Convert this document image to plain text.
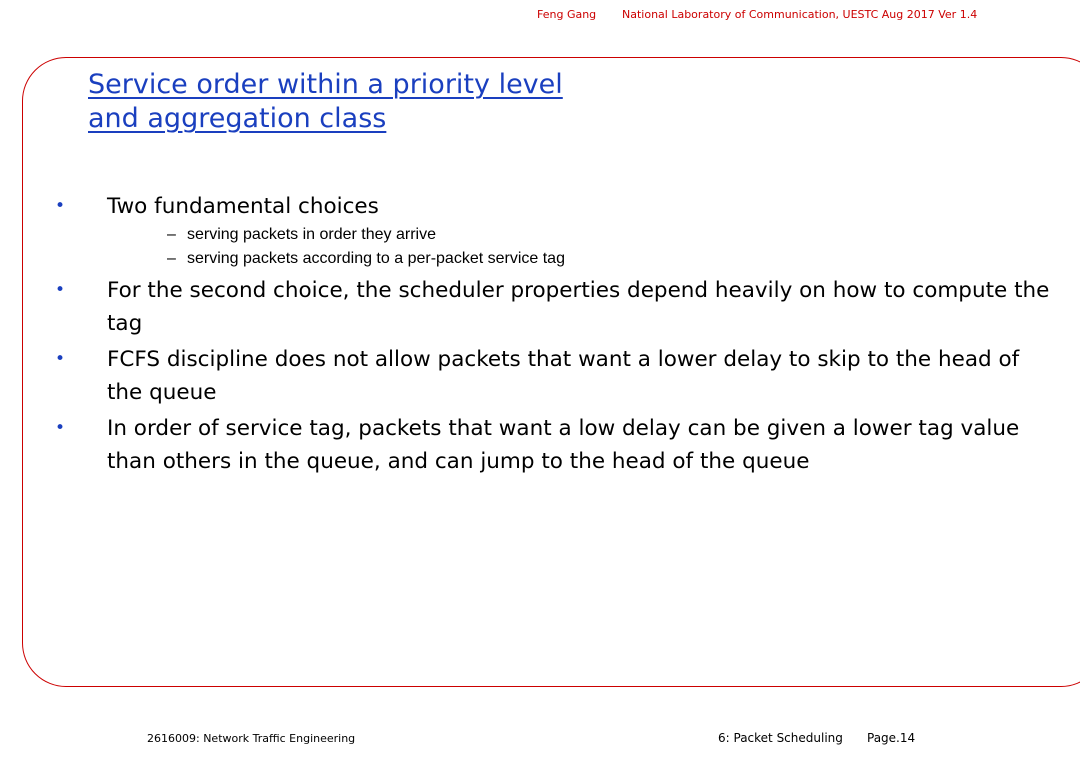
Feng Gang National Laboratory of Communication, UESTC Aug 2017 Ver 1.4
Service order within a priority level
and aggregation class
• Two fundamental choices
– serving packets in order they arrive
– serving packets according to a per-packet service tag
• For the second choice, the scheduler properties depend heavily on how to compute the tag
• FCFS discipline does not allow packets that want a lower delay to skip to the head of the queue
• In order of service tag, packets that want a low delay can be given a lower tag value than others in the queue, and can jump to the head of the queue
2616009: Network Traffic Engineering	6: Packet Scheduling Page.14
